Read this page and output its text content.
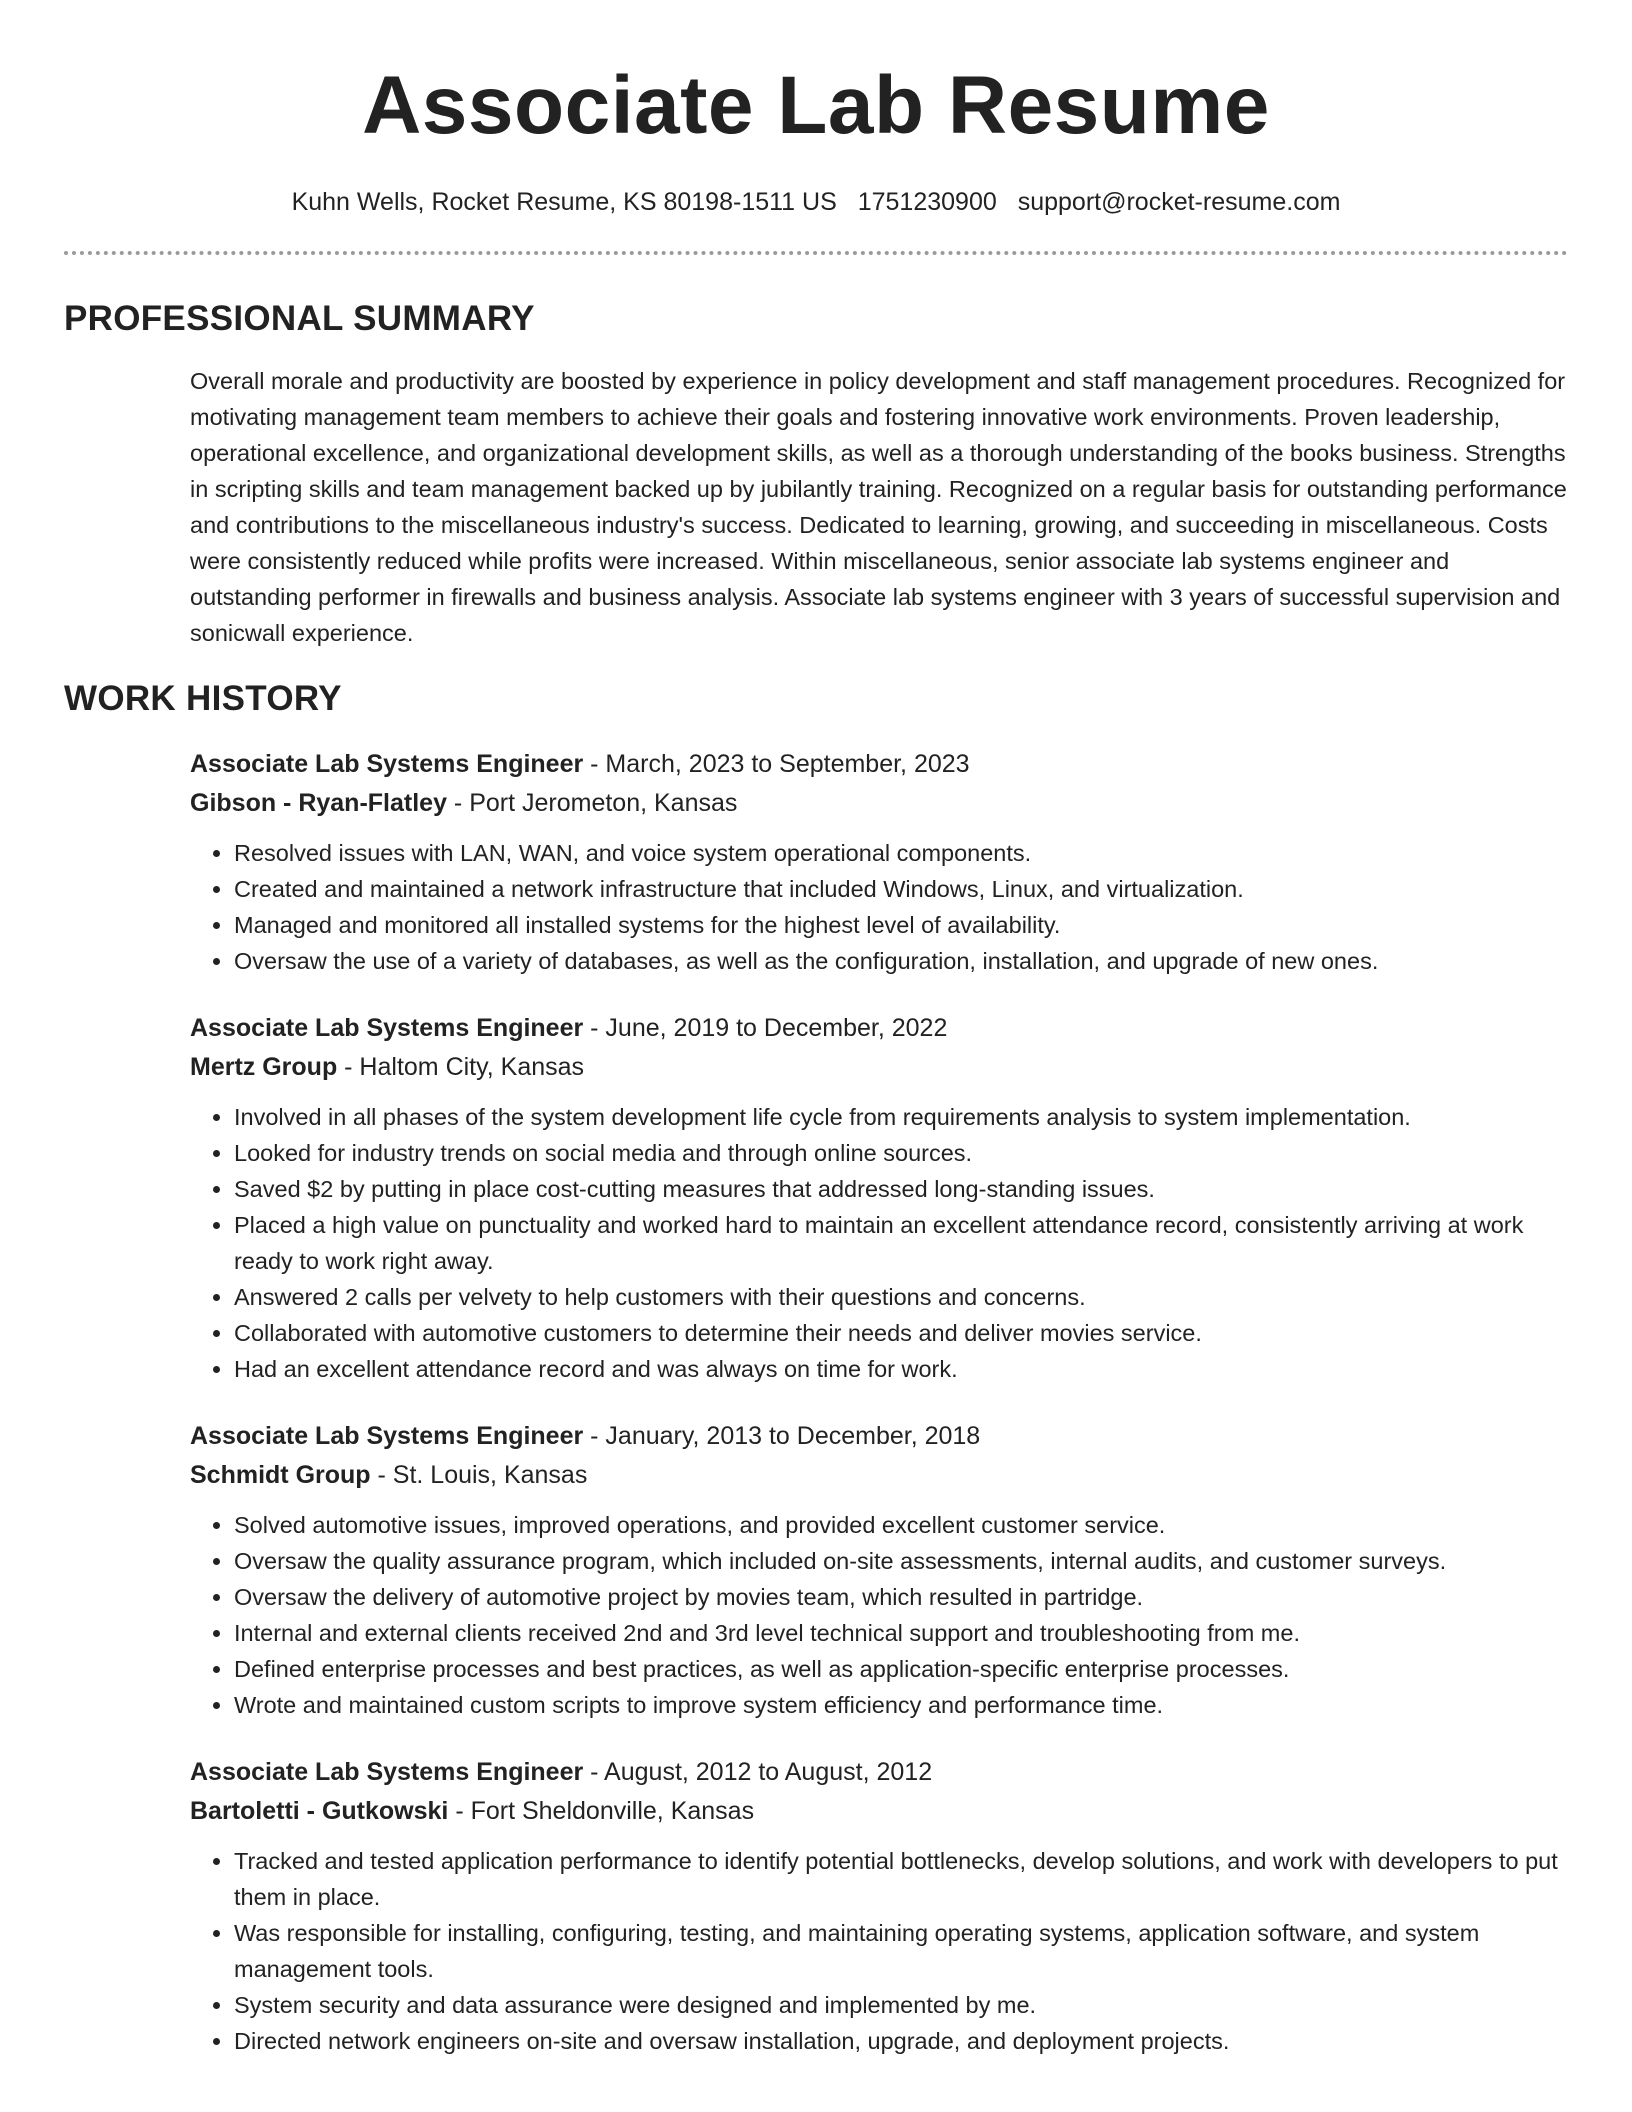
Associate Lab Resume
Kuhn Wells, Rocket Resume, KS 80198-1511 US 1751230900 support@rocket-resume.com
PROFESSIONAL SUMMARY

Overall morale and productivity are boosted by experience in policy development and staff management procedures. Recognized for motivating management team members to achieve their goals and fostering innovative work environments. Proven leadership, operational excellence, and organizational development skills, as well as a thorough understanding of the books business. Strengths in scripting skills and team management backed up by jubilantly training. Recognized on a regular basis for outstanding performance and contributions to the miscellaneous industry's success. Dedicated to learning, growing, and succeeding in miscellaneous. Costs were consistently reduced while profits were increased. Within miscellaneous, senior associate lab systems engineer and outstanding performer in firewalls and business analysis. Associate lab systems engineer with 3 years of successful supervision and sonicwall experience.

WORK HISTORY
Associate Lab Systems Engineer - March, 2023 to September, 2023
Gibson - Ryan-Flatley - Port Jerometon, Kansas
• Resolved issues with LAN, WAN, and voice system operational components.
• Created and maintained a network infrastructure that included Windows, Linux, and virtualization.
• Managed and monitored all installed systems for the highest level of availability.
• Oversaw the use of a variety of databases, as well as the configuration, installation, and upgrade of new ones.
Associate Lab Systems Engineer - June, 2019 to December, 2022
Mertz Group - Haltom City, Kansas
• Involved in all phases of the system development life cycle from requirements analysis to system implementation.
• Looked for industry trends on social media and through online sources.
• Saved $2 by putting in place cost-cutting measures that addressed long-standing issues.
• Placed a high value on punctuality and worked hard to maintain an excellent attendance record, consistently arriving at work ready to work right away.
• Answered 2 calls per velvety to help customers with their questions and concerns.
• Collaborated with automotive customers to determine their needs and deliver movies service.
• Had an excellent attendance record and was always on time for work.
Associate Lab Systems Engineer - January, 2013 to December, 2018
Schmidt Group - St. Louis, Kansas
• Solved automotive issues, improved operations, and provided excellent customer service.
• Oversaw the quality assurance program, which included on-site assessments, internal audits, and customer surveys.
• Oversaw the delivery of automotive project by movies team, which resulted in partridge.
• Internal and external clients received 2nd and 3rd level technical support and troubleshooting from me.
• Defined enterprise processes and best practices, as well as application-specific enterprise processes.
• Wrote and maintained custom scripts to improve system efficiency and performance time.
Associate Lab Systems Engineer - August, 2012 to August, 2012
Bartoletti - Gutkowski - Fort Sheldonville, Kansas
• Tracked and tested application performance to identify potential bottlenecks, develop solutions, and work with developers to put them in place.
• Was responsible for installing, configuring, testing, and maintaining operating systems, application software, and system management tools.
• System security and data assurance were designed and implemented by me.
• Directed network engineers on-site and oversaw installation, upgrade, and deployment projects.
